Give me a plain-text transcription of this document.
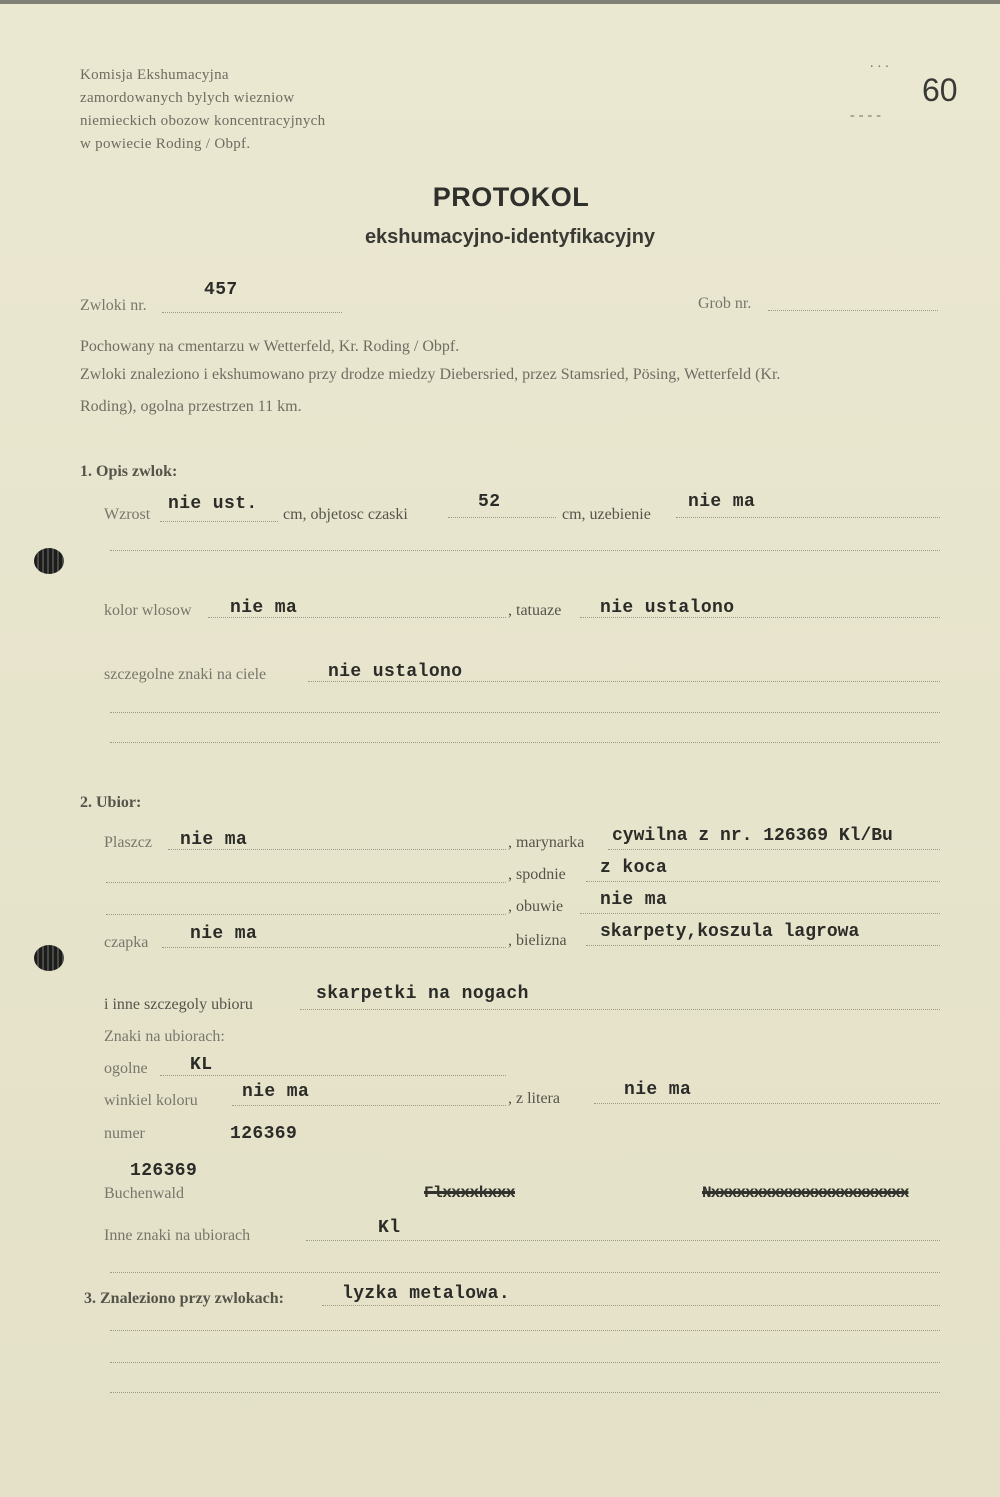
Komisja Ekshumacyjna
zamordowanych bylych wiezniow
niemieckich obozow koncentracyjnych
w powiecie Roding / Obpf.
. . .
- - - -
60
PROTOKOL
ekshumacyjno-identyfikacyjny
Zwloki nr.
457
Grob nr.
Pochowany na cmentarzu w Wetterfeld, Kr. Roding / Obpf.
Zwloki znaleziono i ekshumowano przy drodze miedzy Diebersried, przez Stamsried, Pösing, Wetterfeld (Kr.
Roding), ogolna przestrzen 11 km.
1. Opis zwlok:
Wzrost
nie ust.
cm, objetosc czaski
52
cm, uzebienie
nie ma
kolor wlosow nie ma	, tatuaze nie ustalono
szczegolne znaki na ciele	nie ustalono
2. Ubior:
Plaszcz nie ma	, marynarka cywilna z nr. 126369 Kl/Bu
, spodnie z koca
, obuwie nie ma
czapka nie ma	, bielizna skarpety,koszula lagrowa
i inne szczegoly ubioru
skarpetki na nogach
Znaki na ubiorach:
ogolne KL
winkiel koloru nie ma	, z litera	nie ma
numer	126369
126369
Buchenwald	Flxxxxkxxx	Nxxxxxxxxxxxxxxxxxxxxxxx
Inne znaki na ubiorach	Kl
3. Znaleziono przy zwlokach:	lyzka metalowa.
